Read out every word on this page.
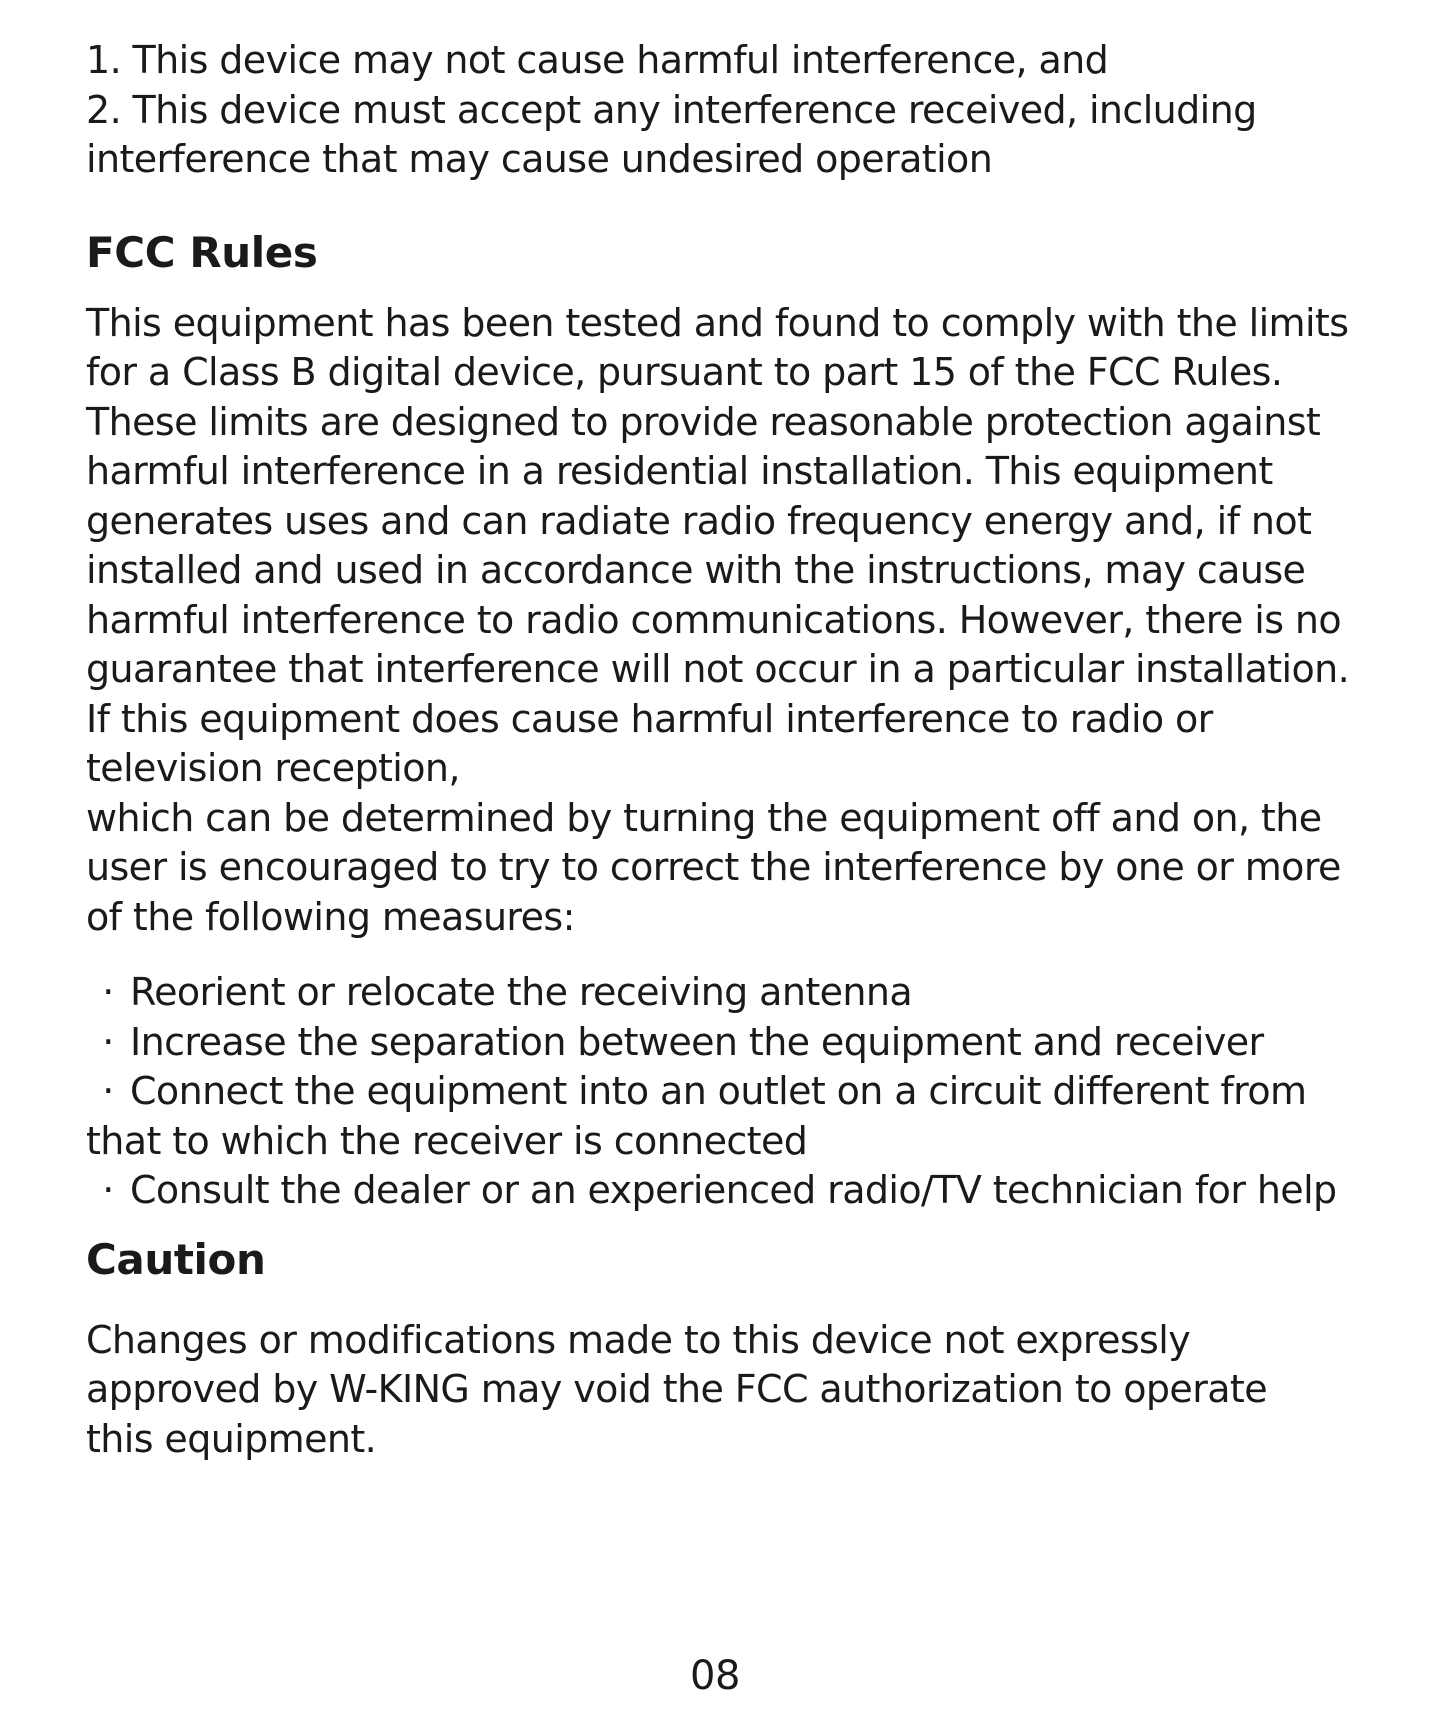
1. This device may not cause harmful interference, and
2. This device must accept any interference received, including
interference that may cause undesired operation
FCC Rules
This equipment has been tested and found to comply with the limits
for a Class B digital device, pursuant to part 15 of the FCC Rules.
These limits are designed to provide reasonable protection against
harmful interference in a residential installation. This equipment
generates uses and can radiate radio frequency energy and, if not
installed and used in accordance with the instructions, may cause
harmful interference to radio communications. However, there is no
guarantee that interference will not occur in a particular installation.
If this equipment does cause harmful interference to radio or
television reception,
which can be determined by turning the equipment off and on, the
user is encouraged to try to correct the interference by one or more
of the following measures:
· Reorient or relocate the receiving antenna
· Increase the separation between the equipment and receiver
· Connect the equipment into an outlet on a circuit different from
that to which the receiver is connected
· Consult the dealer or an experienced radio/TV technician for help
Caution
Changes or modifications made to this device not expressly
approved by W-KING may void the FCC authorization to operate
this equipment.
08
